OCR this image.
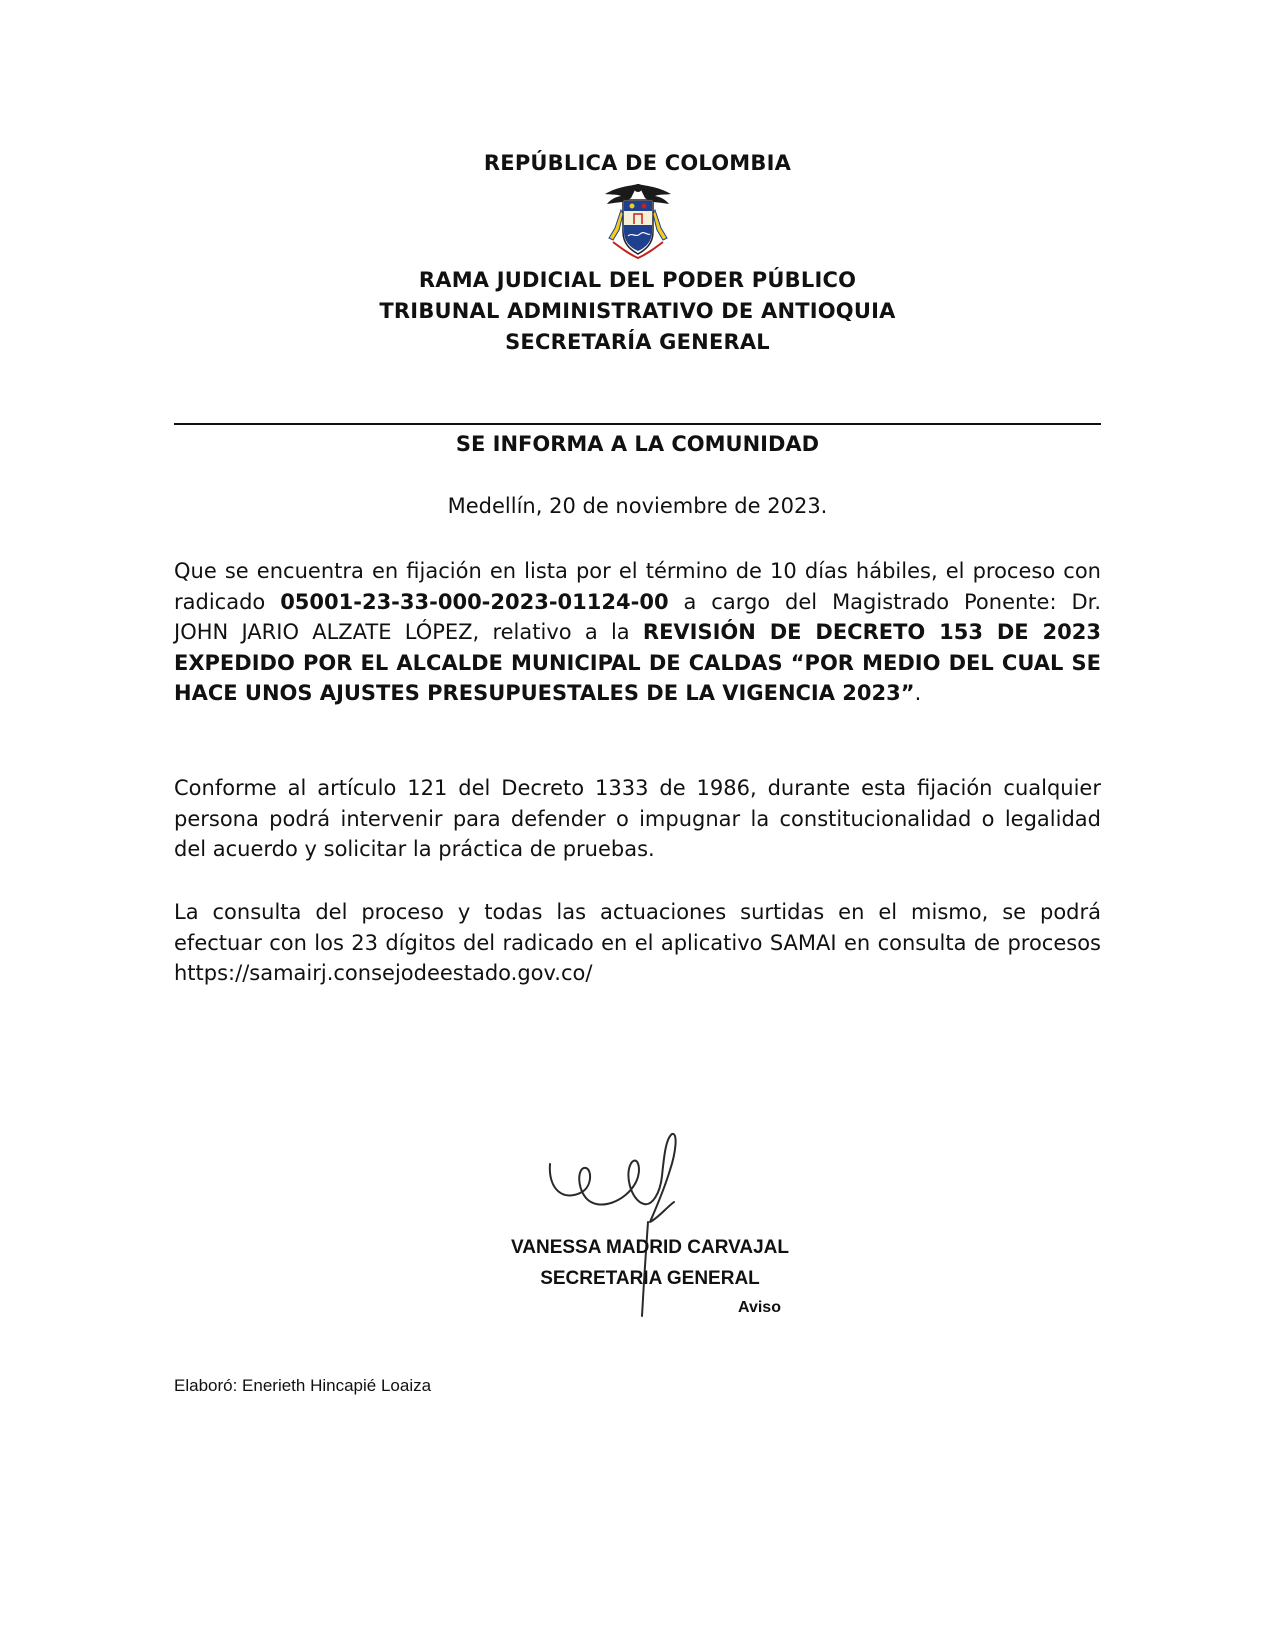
REPÚBLICA DE COLOMBIA
RAMA JUDICIAL DEL PODER PÚBLICO
TRIBUNAL ADMINISTRATIVO DE ANTIOQUIA
SECRETARÍA GENERAL
SE INFORMA A LA COMUNIDAD
Medellín, 20 de noviembre de 2023.
Que se encuentra en fijación en lista por el término de 10 días hábiles, el proceso con radicado 05001-23-33-000-2023-01124-00 a cargo del Magistrado Ponente: Dr. JOHN JARIO ALZATE LÓPEZ, relativo a la REVISIÓN DE DECRETO 153 DE 2023 EXPEDIDO POR EL ALCALDE MUNICIPAL DE CALDAS “POR MEDIO DEL CUAL SE HACE UNOS AJUSTES PRESUPUESTALES DE LA VIGENCIA 2023”.
Conforme al artículo 121 del Decreto 1333 de 1986, durante esta fijación cualquier persona podrá intervenir para defender o impugnar la constitucionalidad o legalidad del acuerdo y solicitar la práctica de pruebas.
La consulta del proceso y todas las actuaciones surtidas en el mismo, se podrá efectuar con los 23 dígitos del radicado en el aplicativo SAMAI en consulta de procesos https://samairj.consejodeestado.gov.co/
VANESSA MADRID CARVAJAL
SECRETARIA GENERAL
Aviso
Elaboró: Enerieth Hincapié Loaiza
